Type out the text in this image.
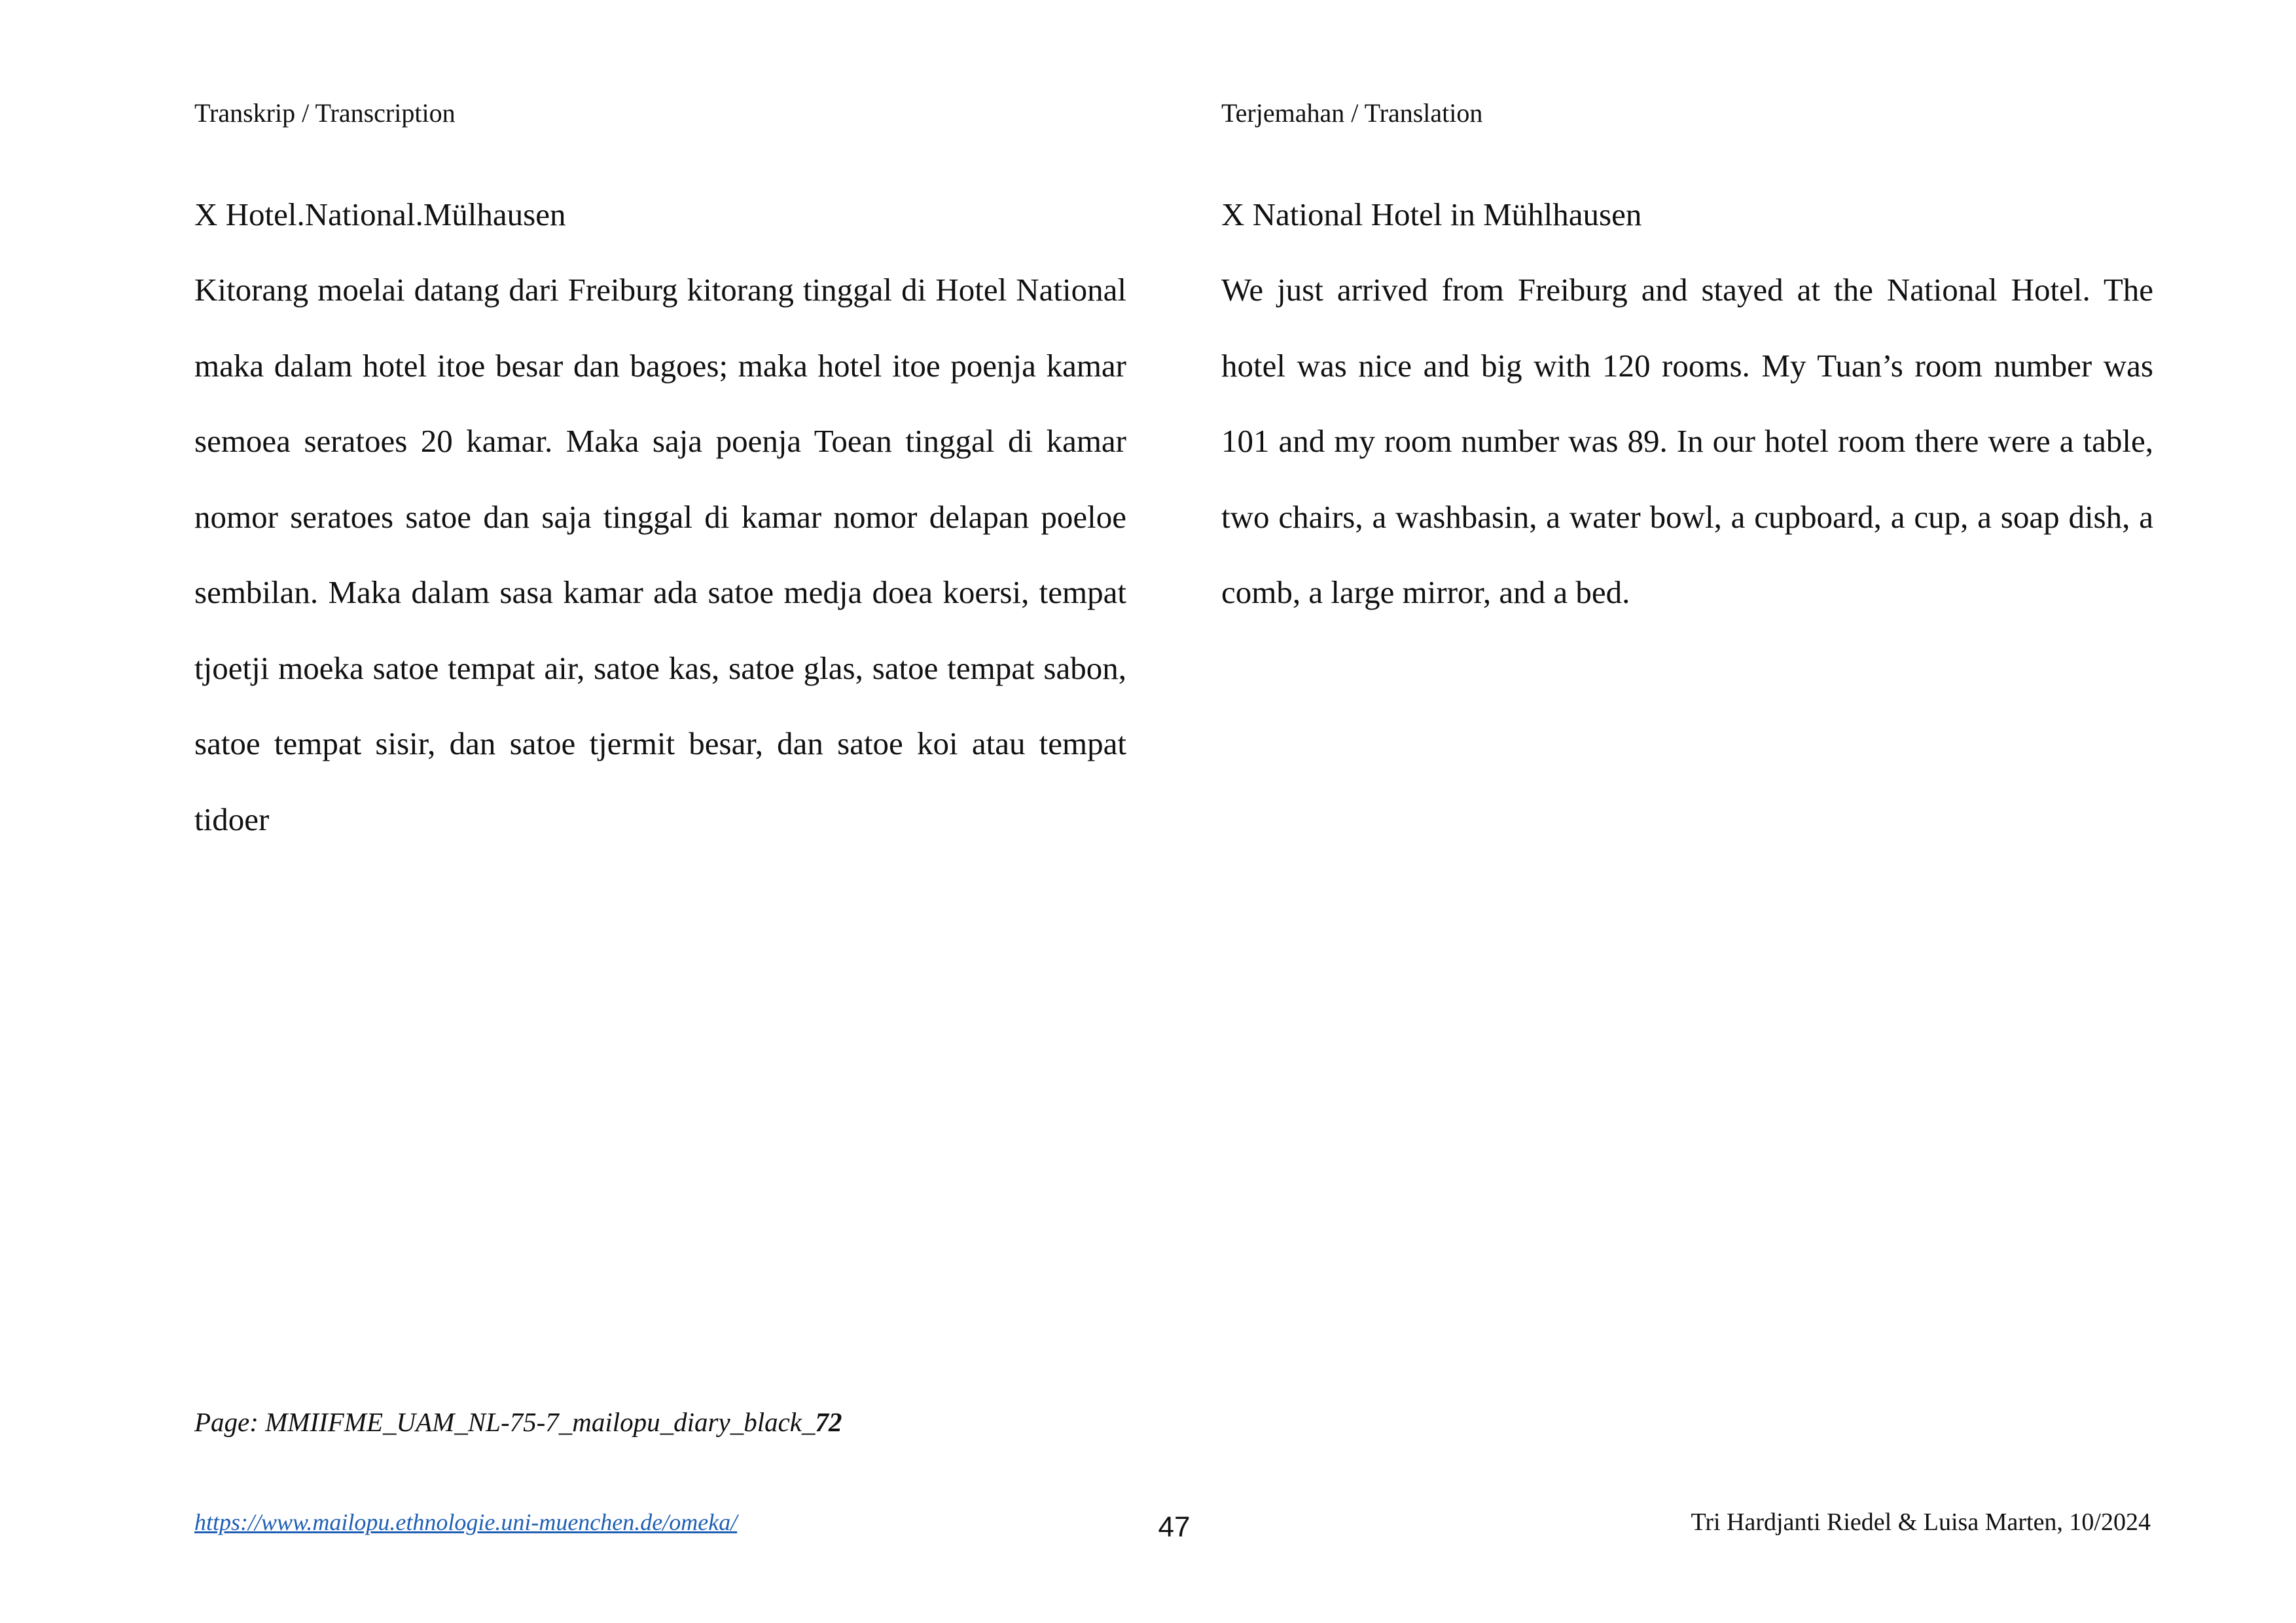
Transkrip / Transcription	Terjemahan / Translation
X Hotel.National.Mülhausen

Kitorang moelai datang dari Freiburg kitorang tinggal di Hotel National maka dalam hotel itoe besar dan bagoes; maka hotel itoe poenja kamar semoea seratoes 20 kamar. Maka saja poenja Toean tinggal di kamar nomor seratoes satoe dan saja tinggal di kamar nomor delapan poeloe sembilan. Maka dalam sasa kamar ada satoe medja doea koersi, tempat tjoetji moeka satoe tempat air, satoe kas, satoe glas, satoe tempat sabon, satoe tempat sisir, dan satoe tjermit besar, dan satoe koi atau tempat tidoer

X National Hotel in Mühlhausen

We just arrived from Freiburg and stayed at the National Hotel. The hotel was nice and big with 120 rooms. My Tuan’s room number was 101 and my room number was 89. In our hotel room there were a table, two chairs, a washbasin, a water bowl, a cupboard, a cup, a soap dish, a comb, a large mirror, and a bed.

Page: MMIIFME_UAM_NL-75-7_mailopu_diary_black_72
https://www.mailopu.ethnologie.uni-muenchen.de/omeka/	47	Tri Hardjanti Riedel & Luisa Marten, 10/2024
